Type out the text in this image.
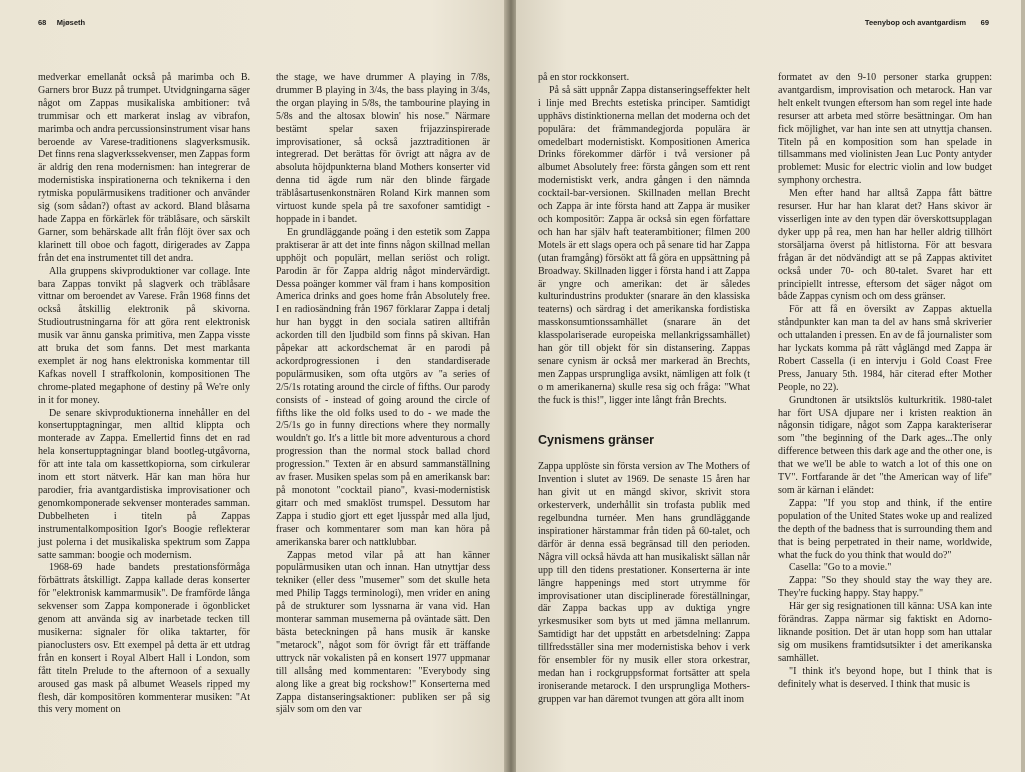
68 Mjøseth

medverkar emellanåt också på marimba och B. Garners bror Buzz på trumpet. Utvidgningarna säger något om Zappas musikaliska ambitioner: två trummisar och ett markerat inslag av vibrafon, marimba och andra percussionsinstrument visar hans beroende av Varese-traditionens slagverksmusik. Det finns rena slagverkssekvenser, men Zappas form är aldrig den rena modernismen: han integrerar de modernistiska inspirationerna och teknikerna i den rytmiska populärmusikens traditioner och använder sig (som sådan?) oftast av ackord. Bland blåsarna hade Zappa en förkärlek för träblåsare, och särskilt Garner, som behärskade allt från flöjt över sax och klarinett till oboe och fagott, dirigerades av Zappa från det ena instrumentet till det andra.

Alla gruppens skivproduktioner var collage. Inte bara Zappas tonvikt på slagverk och träblåsare vittnar om beroendet av Varese. Från 1968 finns det också åtskillig elektronik på skivorna. Studioutrustningarna för att göra rent elektronisk musik var ännu ganska primitiva, men Zappa visste att bruka det som fanns. Det mest markanta exemplet är nog hans elektroniska kommentar till Kafkas novell I straffkolonin, kompositionen The chrome-plated megaphone of destiny på We're only in it for money.

De senare skivproduktionerna innehåller en del konsertupptagningar, men alltid klippta och monterade av Zappa. Emellertid finns det en rad hela konsertupptagningar bland bootleg-utgåvorna, för att inte tala om kassettkopiorna, som cirkulerar inom ett stort nätverk. Här kan man höra hur parodier, fria avantgardistiska improvisationer och genomkomponerade sekvenser monterades samman. Dubbelheten i titeln på Zappas instrumentalkomposition Igor's Boogie reflekterar just polerna i det musikaliska spektrum som Zappa satte samman: boogie och modernism.

1968-69 hade bandets prestationsförmåga förbättrats åtskilligt. Zappa kallade deras konserter för "elektronisk kammarmusik". De framförde långa sekvenser som Zappa komponerade i ögonblicket genom att använda sig av inarbetade tecken till musikerna: signaler för olika taktarter, för pianoclusters osv. Ett exempel på detta är ett utdrag från en konsert i Royal Albert Hall i London, som fått titeln Prelude to the afternoon of a sexually aroused gas mask på albumet Weasels ripped my flesh, där kompositören kommenterar musiken: "At this very moment on

the stage, we have drummer A playing in 7/8s, drummer B playing in 3/4s, the bass playing in 3/4s, the organ playing in 5/8s, the tambourine playing in 5/8s and the altosax blowin' his nose." Närmare bestämt spelar saxen frijazzinspirerade improvisationer, så också jazztraditionen är integrerad. Det berättas för övrigt att några av de absoluta höjdpunkterna bland Mothers konserter vid denna tid ägde rum när den blinde färgade träblåsartusenkonstnären Roland Kirk mannen som virtuost kunde spela på tre saxofoner samtidigt - hoppade in i bandet.

En grundläggande poäng i den estetik som Zappa praktiserar är att det inte finns någon skillnad mellan upphöjt och populärt, mellan seriöst och roligt. Parodin är för Zappa aldrig något mindervärdigt. Dessa poänger kommer väl fram i hans komposition America drinks and goes home från Absolutely free. I en radiosändning från 1967 förklarar Zappa i detalj hur han byggt in den sociala satiren alltifrån ackorden till den ljudbild som finns på skivan. Han påpekar att ackordschemat är en parodi på ackordprogressionen i den standardiserade populärmusiken, som ofta utgörs av "a series of 2/5/1s rotating around the circle of fifths. Our parody consists of - instead of going around the circle of fifths like the old folks used to do - we made the 2/5/1s go in funny directions where they normally wouldn't go. It's a little bit more adventurous a chord progression than the normal stock ballad chord progression." Texten är en absurd sammanställning av fraser. Musiken spelas som på en amerikansk bar: på monotont "cocktail piano", kvasi-modernistisk gitarr och med smaklöst trumspel. Dessutom har Zappa i studio gjort ett eget ljusspår med alla ljud, fraser och kommentarer som man kan höra på amerikanska barer och nattklubbar.

Zappas metod vilar på att han känner populärmusiken utan och innan. Han utnyttjar dess tekniker (eller dess "musemer" som det skulle heta med Philip Taggs terminologi), men vrider en aning på de strukturer som lyssnarna är vana vid. Han monterar samman musemerna på oväntade sätt. Den bästa beteckningen på hans musik är kanske "metarock", något som för övrigt får ett träffande uttryck när vokalisten på en konsert 1977 uppmanar till allsång med kommentaren: "Everybody sing along like a great big rockshow!" Konserterna med Zappa distanseringsaktioner: publiken ser på sig själv som om den var

Teenybop och avantgardism 69

på en stor rockkonsert.

På så sätt uppnår Zappa distanseringseffekter helt i linje med Brechts estetiska principer. Samtidigt upphävs distinktionerna mellan det moderna och det populära: det främmandegjorda populära är omedelbart modernistiskt. Kompositionen America Drinks förekommer därför i två versioner på albumet Absolutely free: första gången som ett rent modernistiskt verk, andra gången i den nämnda cocktail-bar-versionen. Skillnaden mellan Brecht och Zappa är inte första hand att Zappa är musiker och kompositör: Zappa är också sin egen författare och han har själv haft teaterambitioner; filmen 200 Motels är ett slags opera och på senare tid har Zappa (utan framgång) försökt att få göra en uppsättning på Broadway. Skillnaden ligger i första hand i att Zappa är yngre och amerikan: det är således kulturindustrins produkter (snarare än den klassiska teaterns) och särdrag i det amerikanska fordistiska masskonsumtionssamhället (snarare än det klasspolariserade europeiska mellankrigssamhället) han gör till objekt för sin distansering. Zappas senare cynism är också mer markerad än Brechts, men Zappas ursprungliga avsikt, nämligen att folk (t o m amerikanerna) skulle resa sig och fråga: "What the fuck is this!", ligger inte långt från Brechts.

Cynismens gränser

Zappa upplöste sin första version av The Mothers of Invention i slutet av 1969. De senaste 15 åren har han givit ut en mängd skivor, skrivit stora orkesterverk, underhållit sin trofasta publik med regelbundna turnéer. Men hans grundläggande inspirationer härstammar från tiden på 60-talet, och därför är denna essä begränsad till den perioden. Några vill också hävda att han musikaliskt sällan når upp till den tidens prestationer. Konserterna är inte längre happenings med stort utrymme för improvisationer utan disciplinerade föreställningar, där Zappa backas upp av duktiga yngre yrkesmusiker som byts ut med jämna mellanrum. Samtidigt har det uppstått en arbetsdelning: Zappa tillfredsställer sina mer modernistiska behov i verk för ensembler för ny musik eller stora orkestrar, medan han i rockgruppsformat fortsätter att spela ironiserande metarock. I den ursprungliga Mothers-gruppen var han däremot tvungen att göra allt inom

formatet av den 9-10 personer starka gruppen: avantgardism, improvisation och metarock. Han var helt enkelt tvungen eftersom han som regel inte hade resurser att arbeta med större besättningar. Om han fick möjlighet, var han inte sen att utnyttja chansen. Titeln på en komposition som han spelade in tillsammans med violinisten Jean Luc Ponty antyder problemet: Music for electric violin and low budget symphony orchestra.

Men efter hand har alltså Zappa fått bättre resurser. Hur har han klarat det? Hans skivor är visserligen inte av den typen där överskottsupplagan dyker upp på rea, men han har heller aldrig tillhört storsäljarna överst på hitlistorna. För att besvara frågan är det nödvändigt att se på Zappas aktivitet också under 70- och 80-talet. Svaret har ett principiellt intresse, eftersom det säger något om både Zappas cynism och om dess gränser.

För att få en översikt av Zappas aktuella ståndpunkter kan man ta del av hans små skriverier och uttalanden i pressen. En av de få journalister som har lyckats komma på rätt våglängd med Zappa är Robert Cassella (i en intervju i Gold Coast Free Press, January 5th. 1984, här citerad efter Mother People, no 22).

Grundtonen är utsiktslös kulturkritik. 1980-talet har fört USA djupare ner i kristen reaktion än någonsin tidigare, något som Zappa karakteriserar som "the beginning of the Dark ages...The only difference between this dark age and the other one, is that we we'll be able to watch a lot of this one on TV". Fortfarande är det "the American way of life" som är kärnan i eländet:

Zappa: "If you stop and think, if the entire population of the United States woke up and realized the depth of the badness that is surrounding them and that is being perpetrated in their name, worldwide, what the fuck do you think that would do?"

Casella: "Go to a movie."

Zappa: "So they should stay the way they are. They're fucking happy. Stay happy."

Här ger sig resignationen till känna: USA kan inte förändras. Zappa närmar sig faktiskt en Adorno-liknande position. Det är utan hopp som han uttalar sig om musikens framtidsutsikter i det amerikanska samhället.

"I think it's beyond hope, but I think that is definitely what is deserved. I think that music is
